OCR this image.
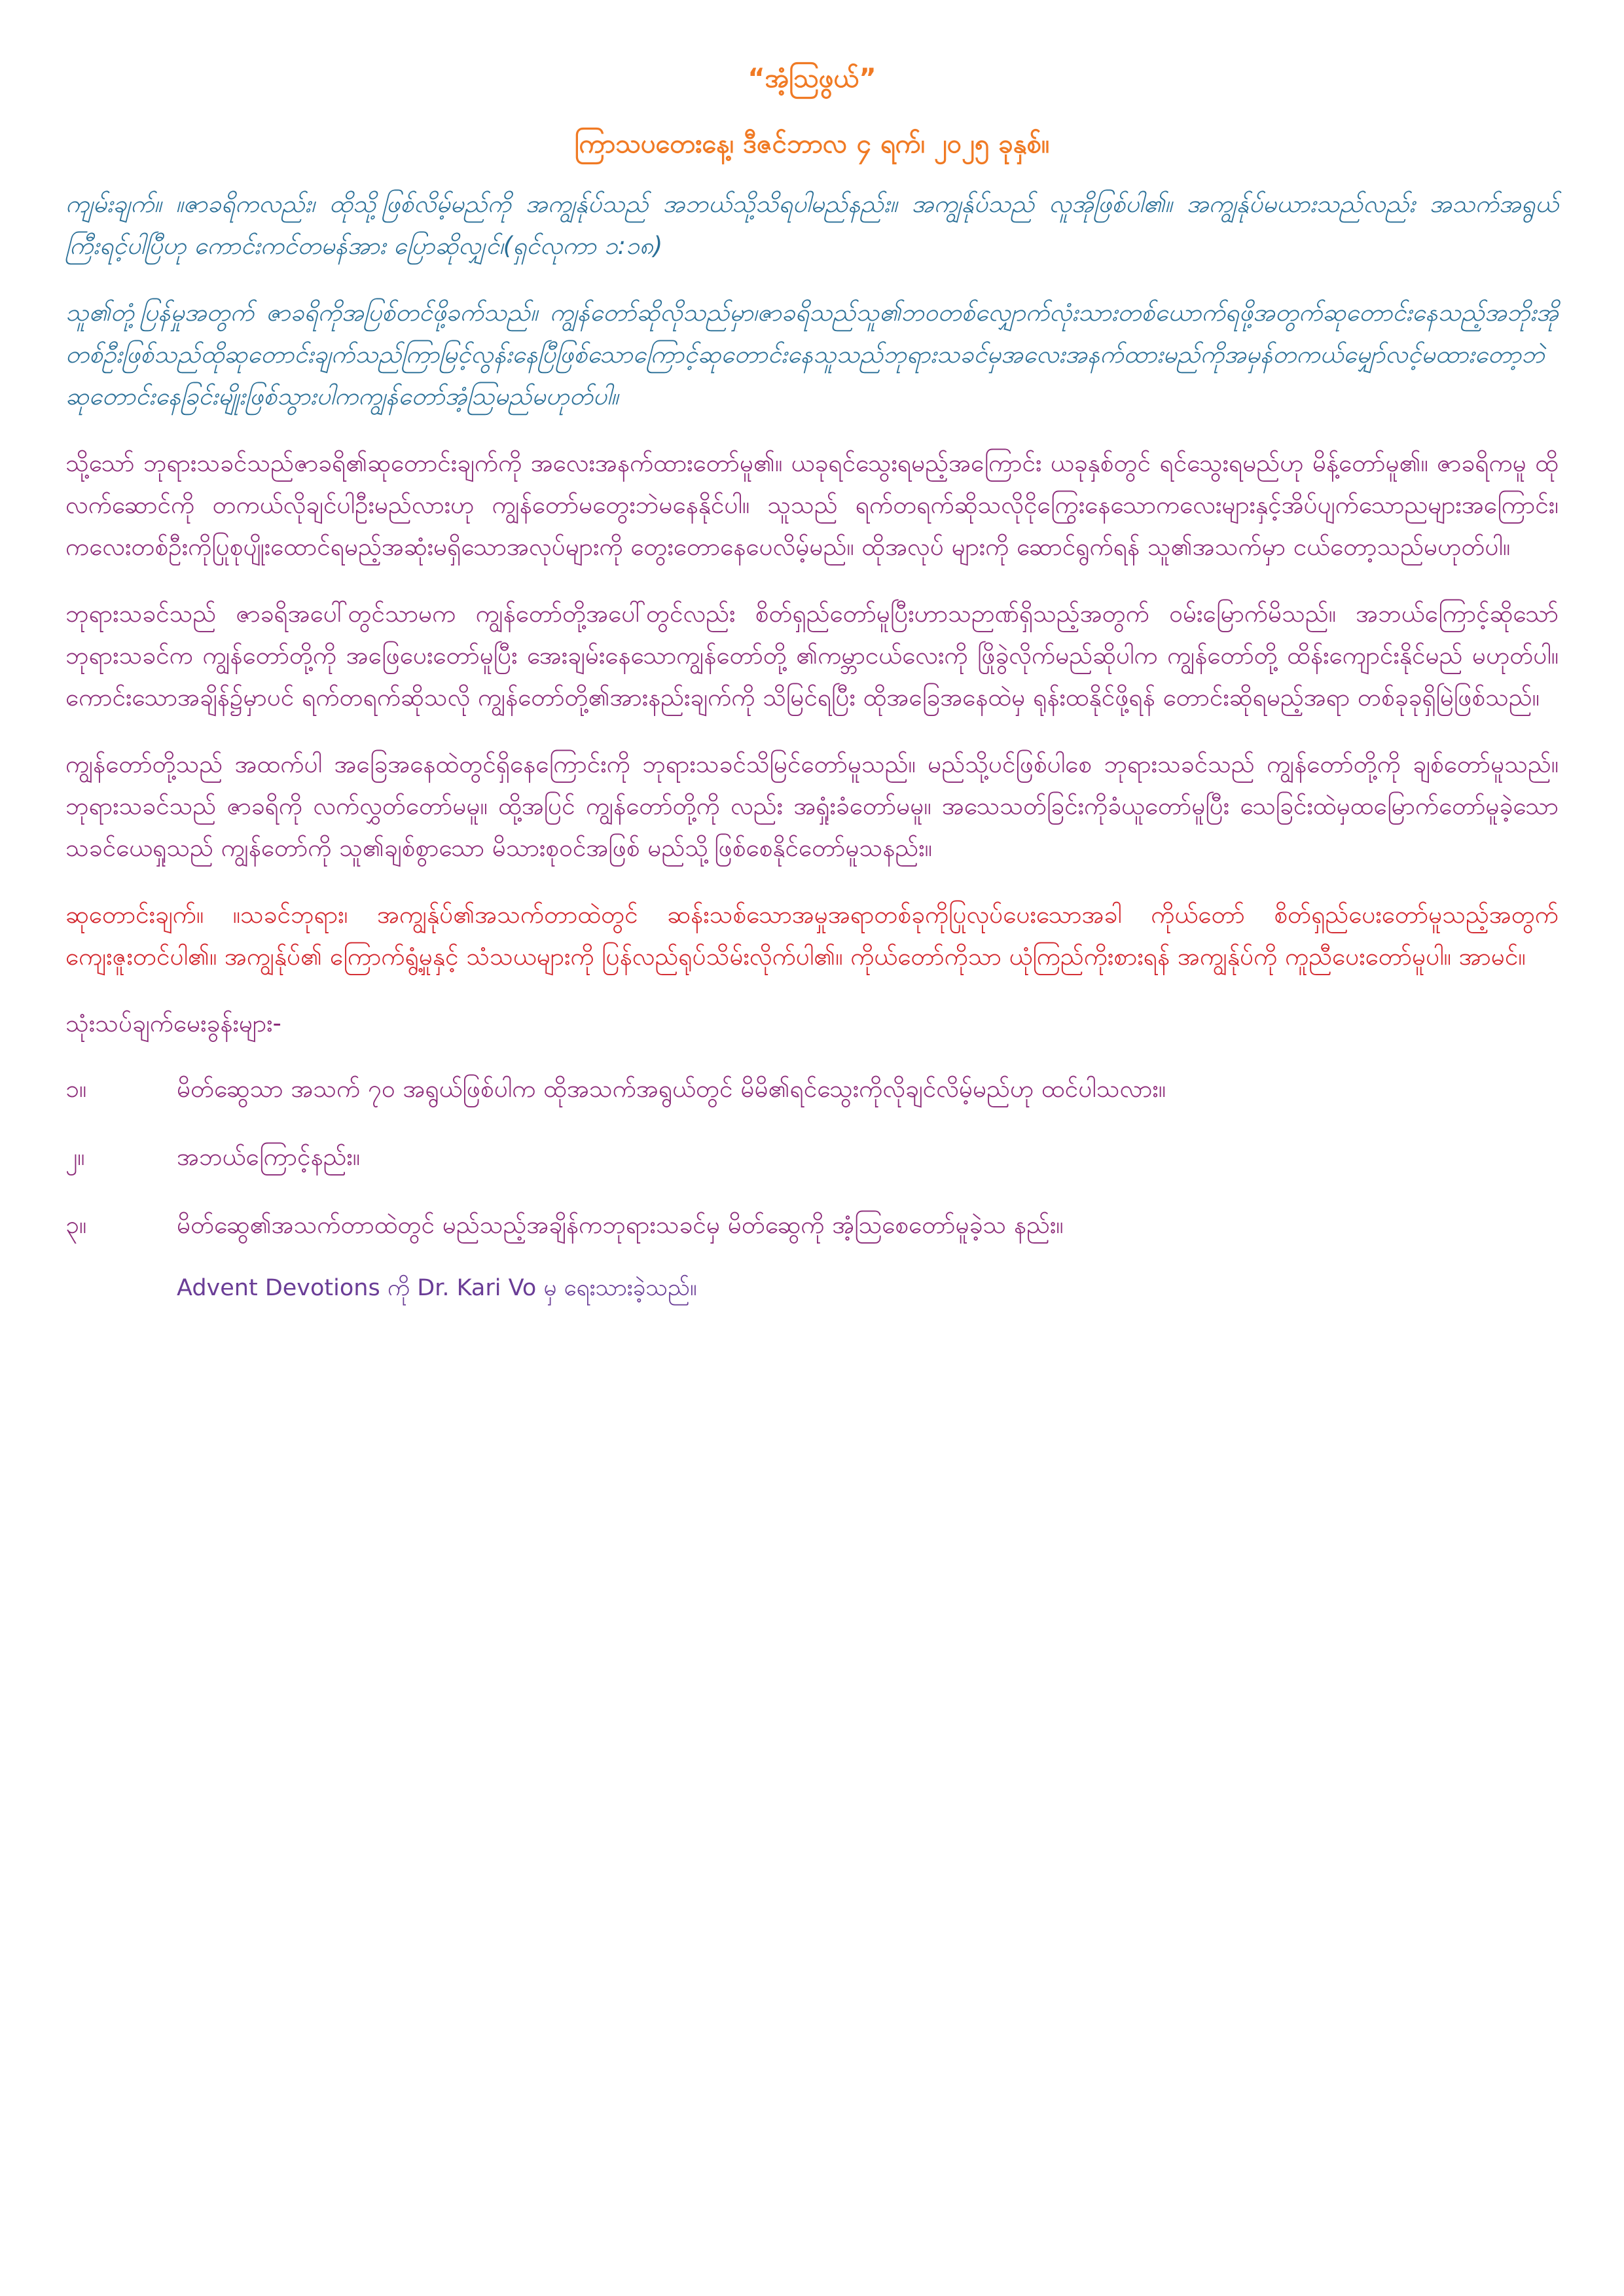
“အံ့သြဖွယ်”
ကြာသပတေးနေ့၊ ဒီဇင်ဘာလ ၄ ရက်၊ ၂၀၂၅ ခုနှစ်။

ကျမ်းချက်။ ။ဇာခရိကလည်း၊ ထိုသို့ဖြစ်လိမ့်မည်ကို အကျွန်ုပ်သည် အဘယ်သို့သိရပါမည်နည်း။ အကျွန်ုပ်သည် လူအိုဖြစ်ပါ၏။ အကျွန်ုပ်မယားသည်လည်း အသက်အရွယ်ကြီးရင့်ပါပြီဟု ကောင်းကင်တမန်အား ပြောဆိုလျှင်၊(ရှင်လုကာ ၁:၁၈)

သူ၏တုံ့ပြန်မှုအတွက် ဇာခရိကိုအပြစ်တင်ဖို့ခက်သည်။ ကျွန်တော်ဆိုလိုသည်မှာ၊ဇာခရိသည်သူ၏ဘဝတစ်လျှောက်လုံးသားတစ်ယောက်ရဖို့အတွက်ဆုတောင်းနေသည့်အဘိုးအိုတစ်ဦးဖြစ်သည်ထိုဆုတောင်းချက်သည်ကြာမြင့်လွန်းနေပြီဖြစ်သောကြောင့်ဆုတောင်းနေသူသည်ဘုရားသခင်မှအလေးအနက်ထားမည်ကိုအမှန်တကယ်မျှော်လင့်မထားတော့ဘဲဆုတောင်းနေခြင်းမျိုးဖြစ်သွားပါကကျွန်တော်အံ့သြမည်မဟုတ်ပါ။

သို့သော် ဘုရားသခင်သည်ဇာခရိ၏ဆုတောင်းချက်ကို အလေးအနက်ထားတော်မူ၏။ ယခုရင်သွေးရမည့်အကြောင်း ယခုနှစ်တွင် ရင်သွေးရမည်ဟု မိန့်တော်မူ၏။ ဇာခရိကမူ ထိုလက်ဆောင်ကို တကယ်လိုချင်ပါဦးမည်လားဟု ကျွန်တော်မတွေးဘဲမနေနိုင်ပါ။ သူသည် ရက်တရက်ဆိုသလိုငိုကြွေးနေသောကလေးများနှင့်အိပ်ပျက်သောညများအကြောင်း၊ကလေးတစ်ဦးကိုပြုစုပျိုးထောင်ရမည့်အဆုံးမရှိသောအလုပ်များကို တွေးတောနေပေလိမ့်မည်။ ထိုအလုပ် များကို ဆောင်ရွက်ရန် သူ၏အသက်မှာ ငယ်တော့သည်မဟုတ်ပါ။

ဘုရားသခင်သည် ဇာခရိအပေါ်တွင်သာမက ကျွန်တော်တို့အပေါ်တွင်လည်း စိတ်ရှည်တော်မူပြီးဟာသဉာဏ်ရှိသည့်အတွက် ဝမ်းမြောက်မိသည်။ အဘယ်ကြောင့်ဆိုသော် ဘုရားသခင်က ကျွန်တော်တို့ကို အဖြေပေးတော်မူပြီး အေးချမ်းနေသောကျွန်တော်တို့ ၏ကမ္ဘာငယ်လေးကို ဖြိုခွဲလိုက်မည်ဆိုပါက ကျွန်တော်တို့ ထိန်းကျောင်းနိုင်မည် မဟုတ်ပါ။ ကောင်းသောအချိန်၌မှာပင် ရက်တရက်ဆိုသလို ကျွန်တော်တို့၏အားနည်းချက်ကို သိမြင်ရပြီး ထိုအခြေအနေထဲမှ ရုန်းထနိုင်ဖို့ရန် တောင်းဆိုရမည့်အရာ တစ်ခုခုရှိမြဲဖြစ်သည်။

ကျွန်တော်တို့သည် အထက်ပါ အခြေအနေထဲတွင်ရှိနေကြောင်းကို ဘုရားသခင်သိမြင်တော်မူသည်။ မည်သို့ပင်ဖြစ်ပါစေ ဘုရားသခင်သည် ကျွန်တော်တို့ကို ချစ်တော်မူသည်။ ဘုရားသခင်သည် ဇာခရိကို လက်လွှတ်တော်မမူ။ ထို့အပြင် ကျွန်တော်တို့ကို လည်း အရှုံးခံတော်မမူ။ အသေသတ်ခြင်းကိုခံယူတော်မူပြီး သေခြင်းထဲမှထမြောက်တော်မူခဲ့သော သခင်ယေရှုသည် ကျွန်တော်ကို သူ၏ချစ်စွာသော မိသားစုဝင်အဖြစ် မည်သို့ဖြစ်စေနိုင်တော်မူသနည်း။

ဆုတောင်းချက်။ ။သခင်ဘုရား၊ အကျွန်ုပ်၏အသက်တာထဲတွင် ဆန်းသစ်သောအမှုအရာတစ်ခုကိုပြုလုပ်ပေးသောအခါ ကိုယ်တော် စိတ်ရှည်ပေးတော်မူသည့်အတွက် ကျေးဇူးတင်ပါ၏။ အကျွန်ုပ်၏ ကြောက်ရွံ့မှုနှင့် သံသယများကို ပြန်လည်ရုပ်သိမ်းလိုက်ပါ၏။ ကိုယ်တော်ကိုသာ ယုံကြည်ကိုးစားရန် အကျွန်ုပ်ကို ကူညီပေးတော်မူပါ။ အာမင်။

သုံးသပ်ချက်မေးခွန်းများ-

၁။	မိတ်ဆွေသာ အသက် ၇၀ အရွယ်ဖြစ်ပါက ထိုအသက်အရွယ်တွင် မိမိ၏ရင်သွေးကိုလိုချင်လိမ့်မည်ဟု ထင်ပါသလား။
၂။	အဘယ်ကြောင့်နည်း။
၃။	မိတ်ဆွေ၏အသက်တာထဲတွင် မည်သည့်အချိန်ကဘုရားသခင်မှ မိတ်ဆွေကို အံ့သြစေတော်မူခဲ့သ နည်း။
Advent Devotions ကို Dr. Kari Vo မှ ရေးသားခဲ့သည်။
